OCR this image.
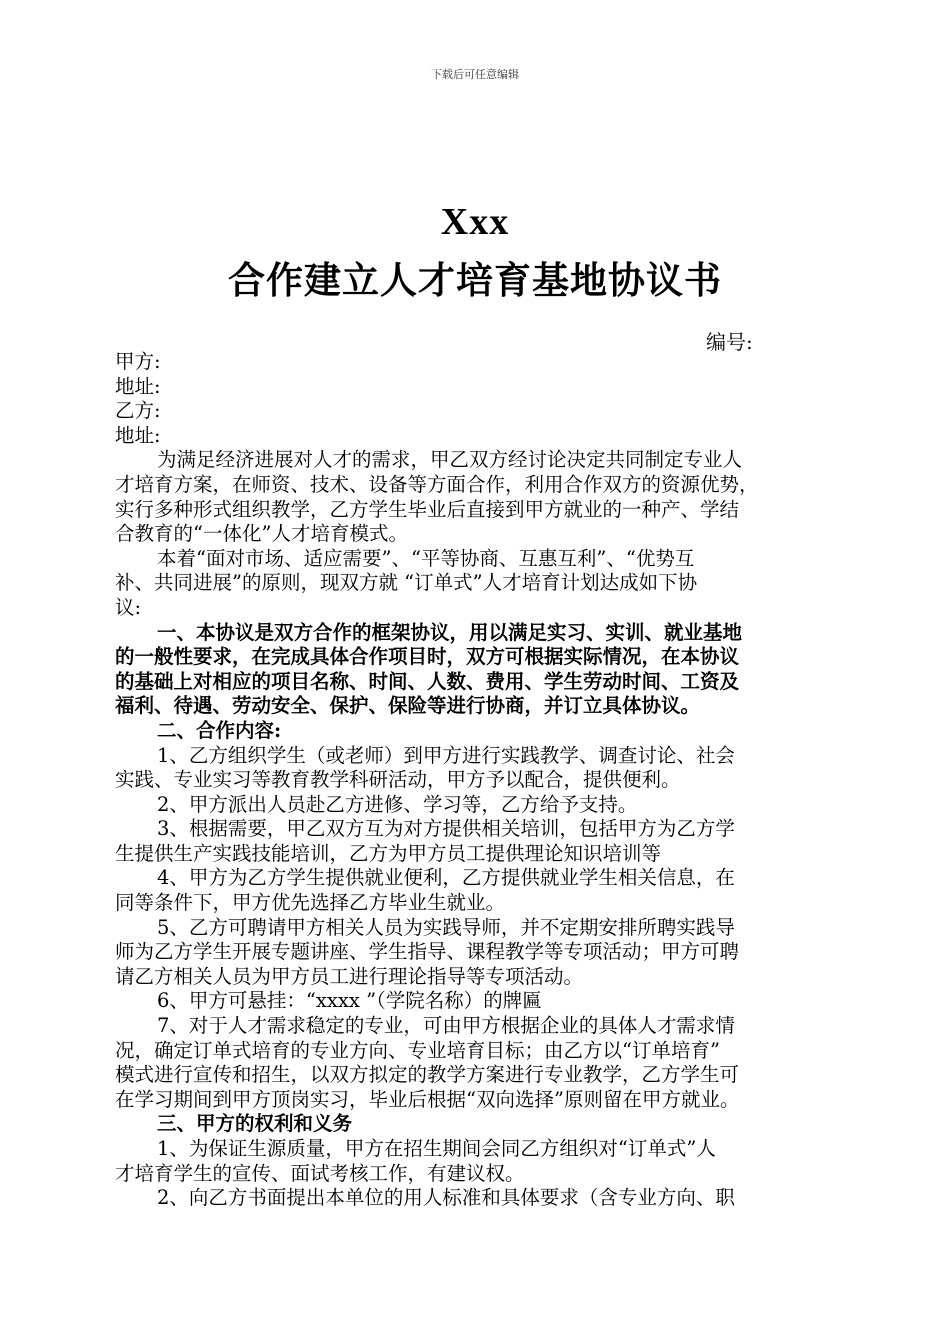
下载后可任意编辑
Xxx
合作建立人才培育基地协议书
编号:
甲方:
地址:
乙方:
地址:
为满足经济进展对人才的需求，甲乙双方经讨论决定共同制定专业人
才培育方案，在师资、技术、设备等方面合作，利用合作双方的资源优势，
实行多种形式组织教学，乙方学生毕业后直接到甲方就业的一种产、学结
合教育的“一体化”人才培育模式。
本着“面对市场、适应需要”、“平等协商、互惠互利”、“优势互
补、共同进展”的原则，现双方就 “订单式”人才培育计划达成如下协
议:
一、本协议是双方合作的框架协议，用以满足实习、实训、就业基地
的一般性要求，在完成具体合作项目时，双方可根据实际情况，在本协议
的基础上对相应的项目名称、时间、人数、费用、学生劳动时间、工资及
福利、待遇、劳动安全、保护、保险等进行协商，并订立具体协议。
二、合作内容:
1、乙方组织学生（或老师）到甲方进行实践教学、调查讨论、社会
实践、专业实习等教育教学科研活动，甲方予以配合，提供便利。
2、甲方派出人员赴乙方进修、学习等，乙方给予支持。
3、根据需要，甲乙双方互为对方提供相关培训，包括甲方为乙方学
生提供生产实践技能培训，乙方为甲方员工提供理论知识培训等
4、甲方为乙方学生提供就业便利，乙方提供就业学生相关信息，在
同等条件下，甲方优先选择乙方毕业生就业。
5、乙方可聘请甲方相关人员为实践导师，并不定期安排所聘实践导
师为乙方学生开展专题讲座、学生指导、课程教学等专项活动；甲方可聘
请乙方相关人员为甲方员工进行理论指导等专项活动。
6、甲方可悬挂：“xxxx ”（学院名称）的牌匾
7、对于人才需求稳定的专业，可由甲方根据企业的具体人才需求情
况，确定订单式培育的专业方向、专业培育目标；由乙方以“订单培育”
模式进行宣传和招生，以双方拟定的教学方案进行专业教学，乙方学生可
在学习期间到甲方顶岗实习，毕业后根据“双向选择”原则留在甲方就业。
三、甲方的权利和义务
1、为保证生源质量，甲方在招生期间会同乙方组织对“订单式”人
才培育学生的宣传、面试考核工作，有建议权。
2、向乙方书面提出本单位的用人标准和具体要求（含专业方向、职
